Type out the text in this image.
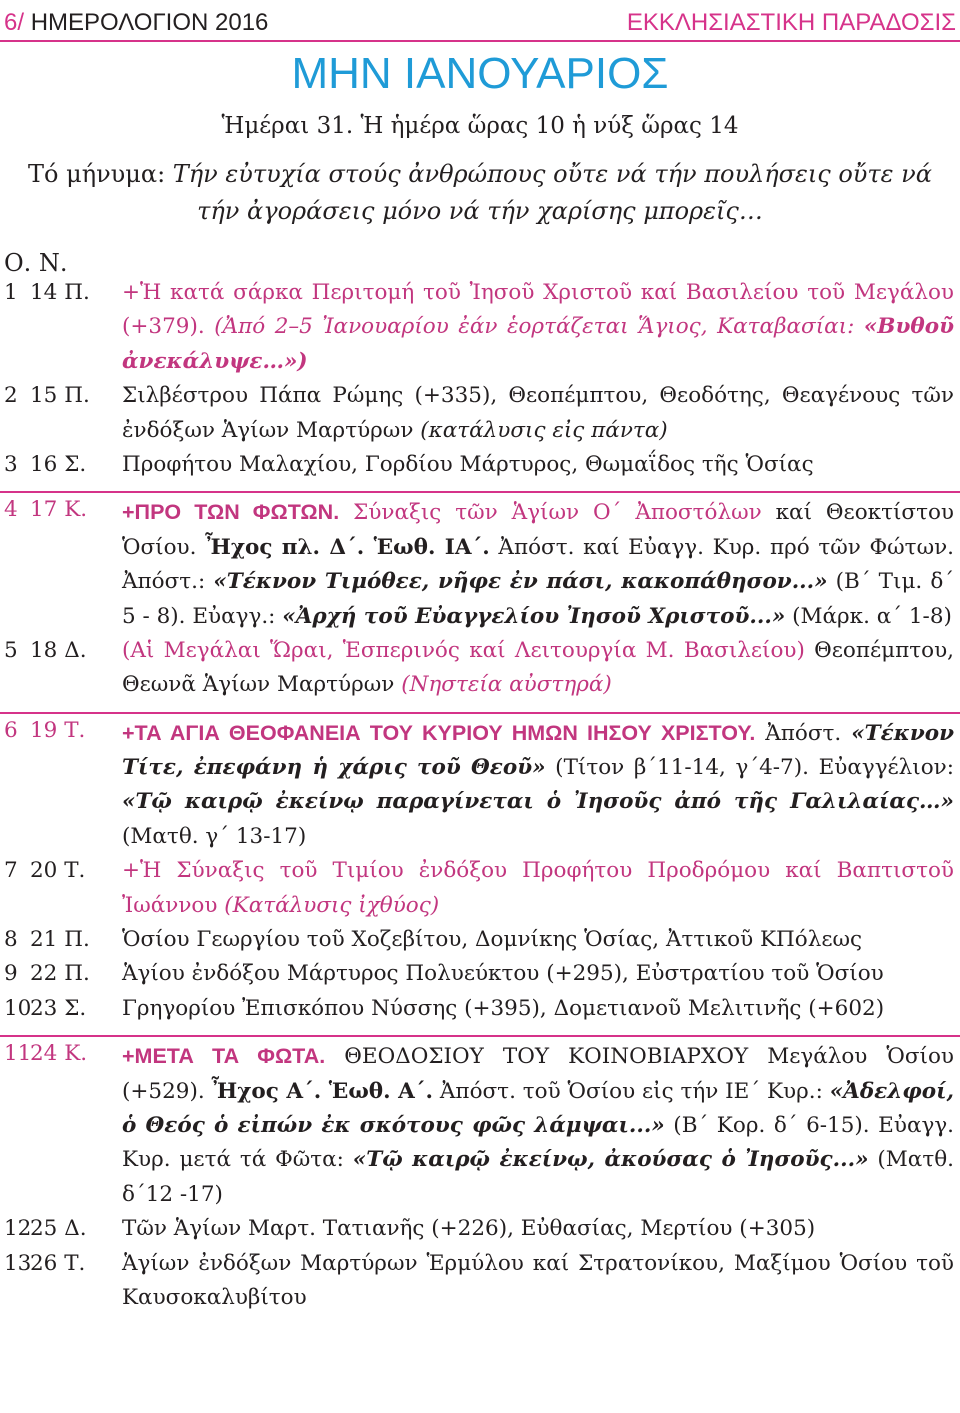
6/ ΗΜΕΡΟΛΟΓΙΟΝ 2016	ΕΚΚΛΗΣΙΑΣΤΙΚΗ ΠΑΡΑΔΟΣΙΣ
ΜΗΝ ΙΑΝΟΥΑΡΙΟΣ
Ἡμέραι 31. Ἡ ἡμέρα ὥρας 10 ἡ νύξ ὥρας 14
Τό μήνυμα: Τήν εὐτυχία στούς ἀνθρώπους οὔτε νά τήν πουλήσεις οὔτε νά τήν ἀγοράσεις μόνο νά τήν χαρίσης μπορεῖς…
Ο. Ν.
1 14 Π. +Ἡ κατά σάρκα Περιτομή τοῦ Ἰησοῦ Χριστοῦ καί Βασιλείου τοῦ Μεγάλου (+379). (Ἀπό 2–5 Ἰανουαρίου ἐάν ἑορτάζεται Ἅγιος, Καταβασίαι: «Βυθοῦ ἀνεκάλυψε…»)
2 15 Π. Σιλβέστρου Πάπα Ρώμης (+335), Θεοπέμπτου, Θεοδότης, Θεαγένους τῶν ἐνδόξων Ἁγίων Μαρτύρων (κατάλυσις εἰς πάντα)
3 16 Σ. Προφήτου Μαλαχίου, Γορδίου Μάρτυρος, Θωμαΐδος τῆς Ὁσίας
4 17 Κ. +ΠΡΟ ΤΩΝ ΦΩΤΩΝ. Σύναξις τῶν Ἁγίων Ο΄ Ἀποστόλων καί Θεοκτίστου Ὁσίου. Ἦχος πλ. Δ΄. Ἑωθ. ΙΑ΄. Ἀπόστ. καί Εὐαγγ. Κυρ. πρό τῶν Φώτων. Ἀπόστ.: «Τέκνον Τιμόθεε, νῆφε ἐν πάσι, κακοπάθησον...» (Β΄ Τιμ. δ΄ 5 - 8). Εὐαγγ.: «Ἀρχή τοῦ Εὐαγγελίου Ἰησοῦ Χριστοῦ...» (Μάρκ. α΄ 1-8)
5 18 Δ. (Αἱ Μεγάλαι Ὥραι, Ἑσπερινός καί Λειτουργία Μ. Βασιλείου) Θεοπέμπτου, Θεωνᾶ Ἁγίων Μαρτύρων (Νηστεία αὐστηρά)
6 19 Τ. +ΤΑ ΑΓΙΑ ΘΕΟΦΑΝΕΙΑ ΤΟΥ ΚΥΡΙΟΥ ΗΜΩΝ ΙΗΣΟΥ ΧΡΙΣΤΟΥ. Ἀπόστ. «Τέκνον Τίτε, ἐπεφάνη ἡ χάρις τοῦ Θεοῦ» (Τίτον β΄11-14, γ΄4-7). Εὐαγγέλιον: «Τῷ καιρῷ ἐκείνῳ παραγίνεται ὁ Ἰησοῦς ἀπό τῆς Γαλιλαίας…» (Ματθ. γ΄ 13-17)
7 20 Τ. +Ἡ Σύναξις τοῦ Τιμίου ἐνδόξου Προφήτου Προδρόμου καί Βαπτιστοῦ Ἰωάννου (Κατάλυσις ἰχθύος)
8 21 Π. Ὁσίου Γεωργίου τοῦ Χοζεβίτου, Δομνίκης Ὁσίας, Ἀττικοῦ ΚΠόλεως
9 22 Π. Ἁγίου ἐνδόξου Μάρτυρος Πολυεύκτου (+295), Εὐστρατίου τοῦ Ὁσίου
10
23 Σ. Γρηγορίου Ἐπισκόπου Νύσσης (+395), Δομετιανοῦ Μελιτινῆς (+602)
11
24 Κ. +ΜΕΤΑ ΤΑ ΦΩΤΑ. ΘΕΟΔΟΣΙΟΥ ΤΟΥ ΚΟΙΝΟΒΙΑΡΧΟΥ Μεγάλου Ὁσίου (+529). Ἦχος Α΄. Ἑωθ. Α΄. Ἀπόστ. τοῦ Ὁσίου εἰς τήν ΙΕ΄ Κυρ.: «Ἀδελφοί, ὁ Θεός ὁ εἰπών ἐκ σκότους φῶς λάμψαι...» (Β΄ Κορ. δ΄ 6-15). Εὐαγγ. Κυρ. μετά τά Φῶτα: «Τῷ καιρῷ ἐκείνῳ, ἀκούσας ὁ Ἰησοῦς...» (Ματθ. δ΄12 -17)
12
25 Δ. Τῶν Ἁγίων Μαρτ. Τατιανῆς (+226), Εὐθασίας, Μερτίου (+305)
13
26 Τ. Ἁγίων ἐνδόξων Μαρτύρων Ἑρμύλου καί Στρατονίκου, Μαξίμου Ὁσίου τοῦ Καυσοκαλυβίτου
